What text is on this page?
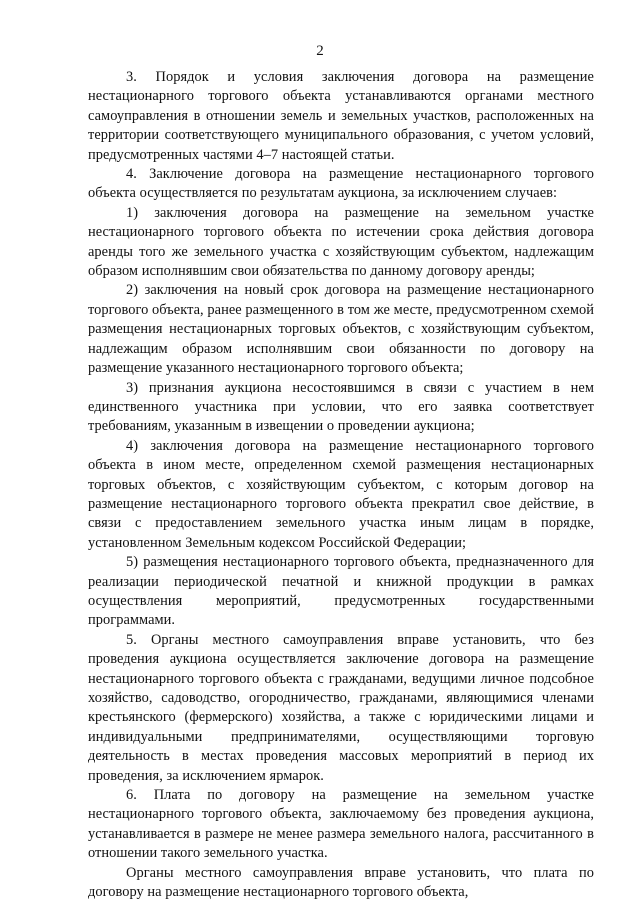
2

3. Порядок и условия заключения договора на размещение нестационарного торгового объекта устанавливаются органами местного самоуправления в отношении земель и земельных участков, расположенных на территории соответствующего муниципального образования, с учетом условий, предусмотренных частями 4–7 настоящей статьи.

4. Заключение договора на размещение нестационарного торгового объекта осуществляется по результатам аукциона, за исключением случаев:

1) заключения договора на размещение на земельном участке нестационарного торгового объекта по истечении срока действия договора аренды того же земельного участка с хозяйствующим субъектом, надлежащим образом исполнявшим свои обязательства по данному договору аренды;

2) заключения на новый срок договора на размещение нестационарного торгового объекта, ранее размещенного в том же месте, предусмотренном схемой размещения нестационарных торговых объектов, с хозяйствующим субъектом, надлежащим образом исполнявшим свои обязанности по договору на размещение указанного нестационарного торгового объекта;

3) признания аукциона несостоявшимся в связи с участием в нем единственного участника при условии, что его заявка соответствует требованиям, указанным в извещении о проведении аукциона;

4) заключения договора на размещение нестационарного торгового объекта в ином месте, определенном схемой размещения нестационарных торговых объектов, с хозяйствующим субъектом, с которым договор на размещение нестационарного торгового объекта прекратил свое действие, в связи с предоставлением земельного участка иным лицам в порядке, установленном Земельным кодексом Российской Федерации;

5) размещения нестационарного торгового объекта, предназначенного для реализации периодической печатной и книжной продукции в рамках осуществления мероприятий, предусмотренных государственными программами.

5. Органы местного самоуправления вправе установить, что без проведения аукциона осуществляется заключение договора на размещение нестационарного торгового объекта с гражданами, ведущими личное подсобное хозяйство, садоводство, огородничество, гражданами, являющимися членами крестьянского (фермерского) хозяйства, а также с юридическими лицами и индивидуальными предпринимателями, осуществляющими торговую деятельность в местах проведения массовых мероприятий в период их проведения, за исключением ярмарок.

6. Плата по договору на размещение на земельном участке нестационарного торгового объекта, заключаемому без проведения аукциона, устанавливается в размере не менее размера земельного налога, рассчитанного в отношении такого земельного участка.

Органы местного самоуправления вправе установить, что плата по договору на размещение нестационарного торгового объекта,
